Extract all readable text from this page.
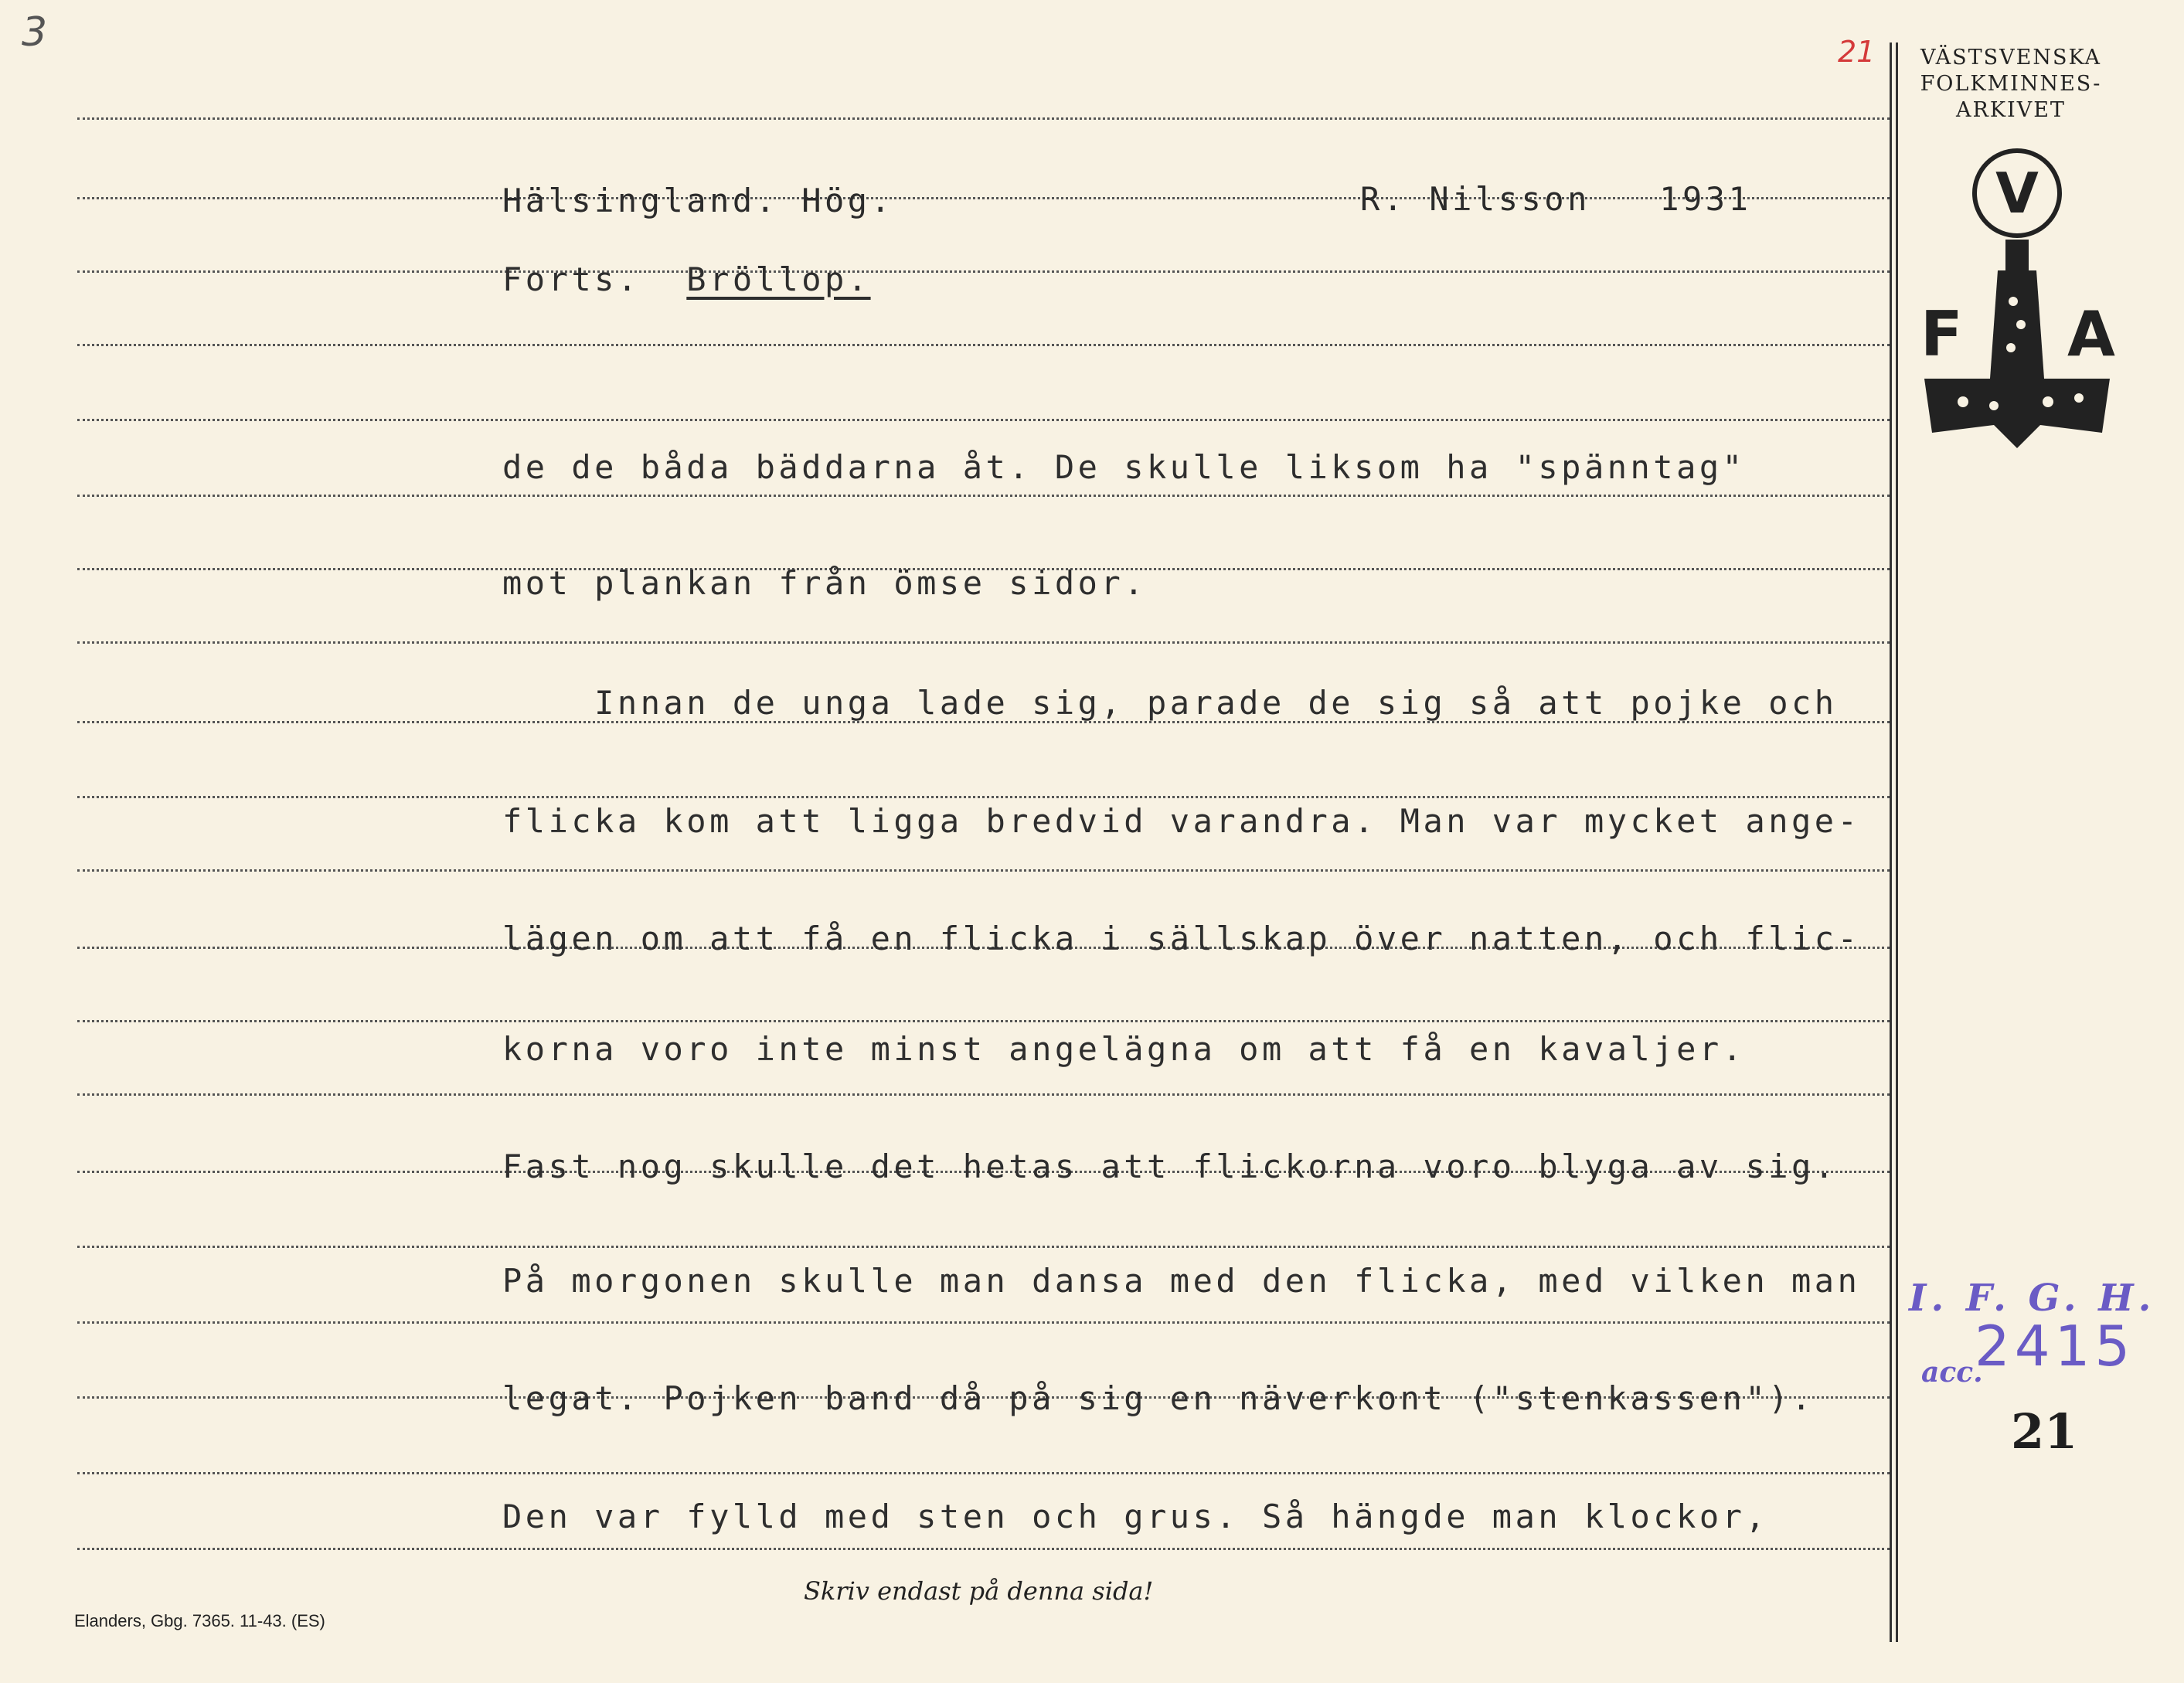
3	21	VÄSTSVENSKA
FOLKMINNES-
ARKIVET
V
F A
Hälsingland. Hög.	R. Nilsson   1931
Forts. Bröllop.
de de båda bäddarna åt. De skulle liksom ha "spänntag"
mot plankan från ömse sidor.
Innan de unga lade sig, parade de sig så att pojke och
flicka kom att ligga bredvid varandra. Man var mycket ange-
lägen om att få en flicka i sällskap över natten, och flic-
korna voro inte minst angelägna om att få en kavaljer.
Fast nog skulle det hetas att flickorna voro blyga av sig.
På morgonen skulle man dansa med den flicka, med vilken man
legat. Pojken band då på sig en näverkont ("stenkassen").
Den var fylld med sten och grus. Så hängde man klockor,
I. F. G. H.
2415
acc.
21
Skriv endast på denna sida!
Elanders, Gbg. 7365. 11-43. (ES)
